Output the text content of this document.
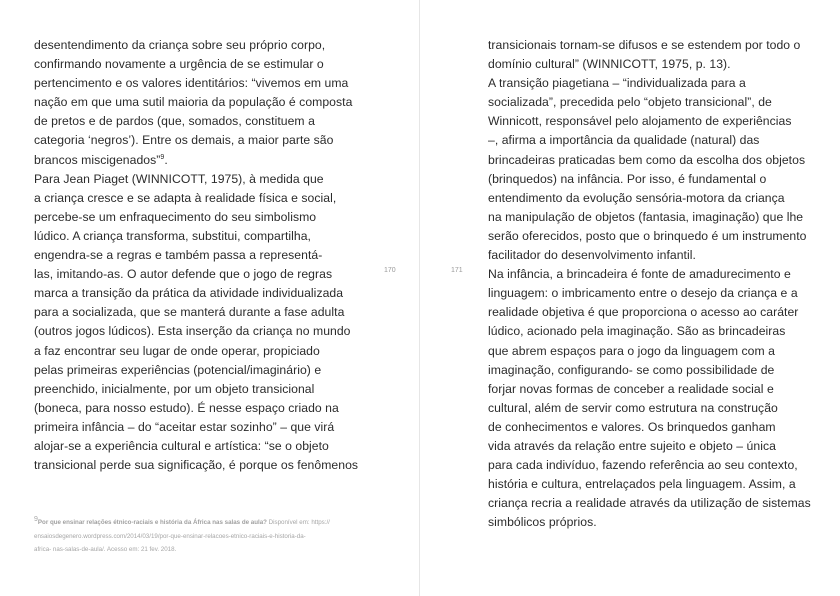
desentendimento da criança sobre seu próprio corpo,
confirmando novamente a urgência de se estimular o
pertencimento e os valores identitários: “vivemos em uma
nação em que uma sutil maioria da população é composta
de pretos e de pardos (que, somados, constituem a
categoria ‘negros’). Entre os demais, a maior parte são
brancos miscigenados”$^9$.
Para Jean Piaget (WINNICOTT, 1975), à medida que
a criança cresce e se adapta à realidade física e social,
percebe-se um enfraquecimento do seu simbolismo
lúdico. A criança transforma, substitui, compartilha,
engendra-se a regras e também passa a representá-
las, imitando-as. O autor defende que o jogo de regras
marca a transição da prática da atividade individualizada
para a socializada, que se manterá durante a fase adulta
(outros jogos lúdicos). Esta inserção da criança no mundo
a faz encontrar seu lugar de onde operar, propiciado
pelas primeiras experiências (potencial/imaginário) e
preenchido, inicialmente, por um objeto transicional
(boneca, para nosso estudo). É nesse espaço criado na
primeira infância – do “aceitar estar sozinho” – que virá
alojar-se a experiência cultural e artística: “se o objeto
transicional perde sua significação, é porque os fenômenos
170	171
$^9$Por que ensinar relações étnico-raciais e história da África nas salas de aula? Disponível em: https://
ensaiosdegenero.wordpress.com/2014/03/19/por-que-ensinar-relacoes-etnico-raciais-e-historia-da-
africa- nas-salas-de-aula/. Acesso em: 21 fev. 2018.
transicionais tornam-se difusos e se estendem por todo o
domínio cultural” (WINNICOTT, 1975, p. 13).
A transição piagetiana – “individualizada para a
socializada”, precedida pelo “objeto transicional”, de
Winnicott, responsável pelo alojamento de experiências
–, afirma a importância da qualidade (natural) das
brincadeiras praticadas bem como da escolha dos objetos
(brinquedos) na infância. Por isso, é fundamental o
entendimento da evolução sensória-motora da criança
na manipulação de objetos (fantasia, imaginação) que lhe
serão oferecidos, posto que o brinquedo é um instrumento
facilitador do desenvolvimento infantil.
Na infância, a brincadeira é fonte de amadurecimento e
linguagem: o imbricamento entre o desejo da criança e a
realidade objetiva é que proporciona o acesso ao caráter
lúdico, acionado pela imaginação. São as brincadeiras
que abrem espaços para o jogo da linguagem com a
imaginação, configurando- se como possibilidade de
forjar novas formas de conceber a realidade social e
cultural, além de servir como estrutura na construção
de conhecimentos e valores. Os brinquedos ganham
vida através da relação entre sujeito e objeto – única
para cada indivíduo, fazendo referência ao seu contexto,
história e cultura, entrelaçados pela linguagem. Assim, a
criança recria a realidade através da utilização de sistemas
simbólicos próprios.
